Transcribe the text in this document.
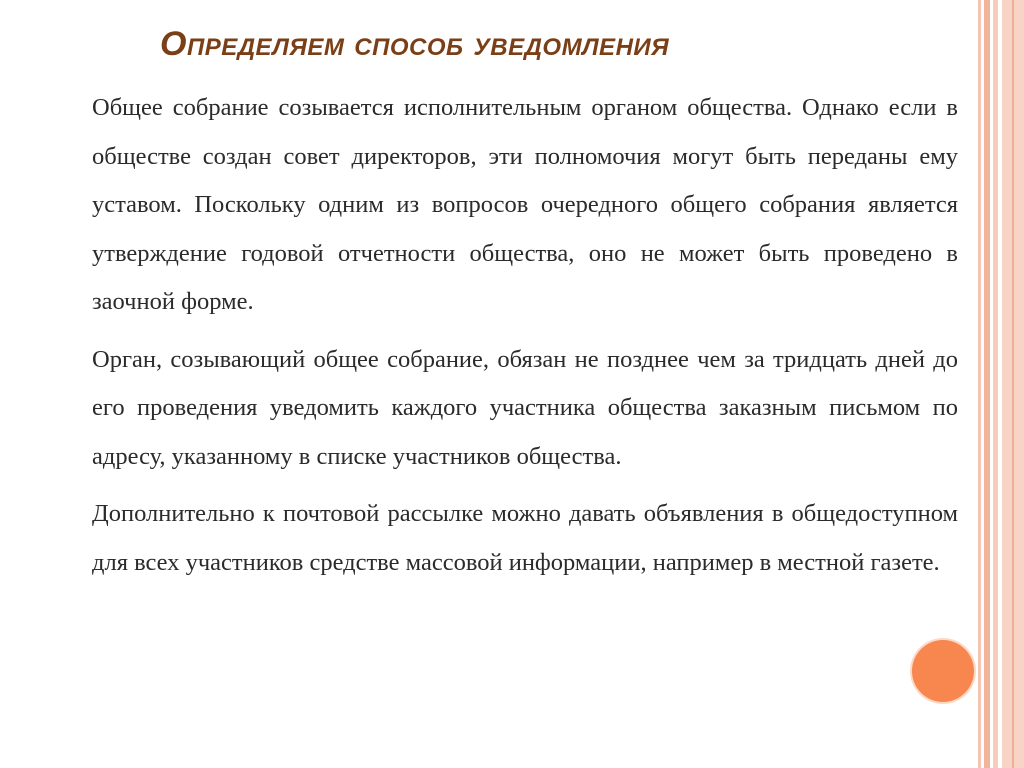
Определяем способ уведомления

Общее собрание созывается исполнительным органом общества. Однако если в обществе создан совет директоров, эти полномочия могут быть переданы ему уставом. Поскольку одним из вопросов очередного общего собрания является утверждение годовой отчетности общества, оно не может быть проведено в заочной форме.

Орган, созывающий общее собрание, обязан не позднее чем за тридцать дней до его проведения уведомить каждого участника общества заказным письмом по адресу, указанному в списке участников общества.

Дополнительно к почтовой рассылке можно давать объявления в общедоступном для всех участников средстве массовой информации, например в местной газете.
